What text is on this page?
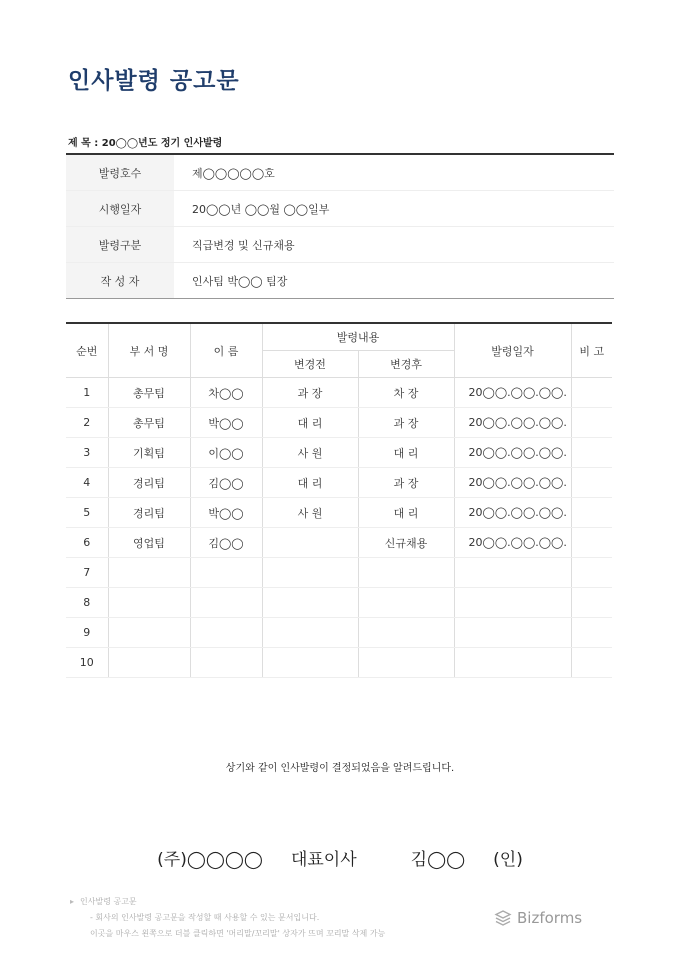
인사발령 공고문
제 목 : 20◯◯년도 정기 인사발령
발령호수	제◯◯◯◯◯호
시행일자	20◯◯년 ◯◯월 ◯◯일부
발령구분	직급변경 및 신규채용
작 성 자	인사팀 박◯◯ 팀장
순번	부 서 명	이 름	발령내용		발령일자	비 고
			변경전	변경후		
1	총무팀	차◯◯	과 장	차 장	20◯◯.◯◯.◯◯.	
2	총무팀	박◯◯	대 리	과 장	20◯◯.◯◯.◯◯.	
3	기획팀	이◯◯	사 원	대 리	20◯◯.◯◯.◯◯.	
4	경리팀	김◯◯	대 리	과 장	20◯◯.◯◯.◯◯.	
5	경리팀	박◯◯	사 원	대 리	20◯◯.◯◯.◯◯.	
6	영업팀	김◯◯		신규채용	20◯◯.◯◯.◯◯.	
7						
8						
9						
10						
상기와 같이 인사발령이 결정되었음을 알려드립니다.
(주)◯◯◯◯ 대표이사	김◯◯ (인)
▸ 인사발령 공고문
- 회사의 인사발령 공고문을 작성할 때 사용할 수 있는 문서입니다.
이곳을 마우스 왼쪽으로 더블 클릭하면 '머리말/꼬리말' 상자가 뜨며 꼬리말 삭제 가능
Bizforms
